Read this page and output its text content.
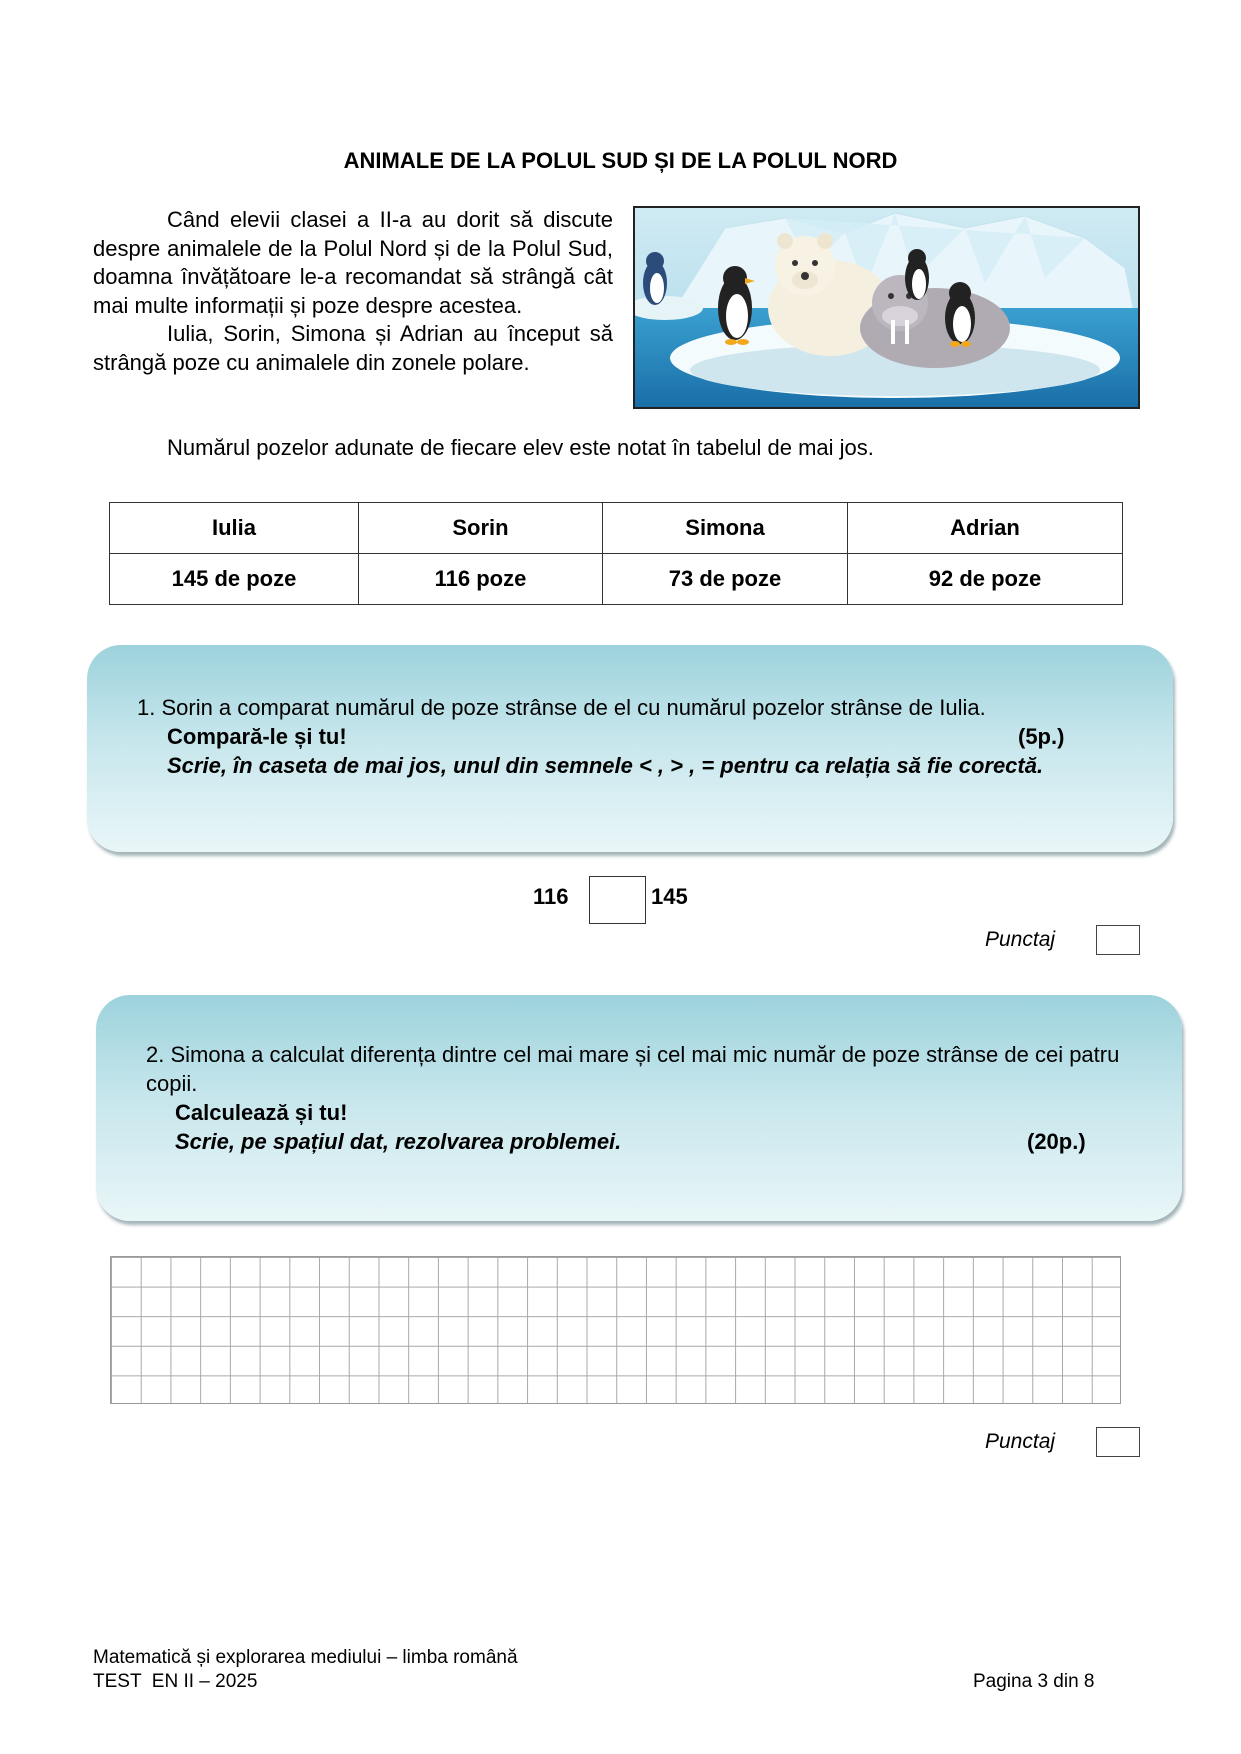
ANIMALE DE LA POLUL SUD ȘI DE LA POLUL NORD

Când elevii clasei a II-a au dorit să discute despre animalele de la Polul Nord și de la Polul Sud, doamna învățătoare le-a recomandat să strângă cât mai multe informații și poze despre acestea.

Iulia, Sorin, Simona și Adrian au început să strângă poze cu animalele din zonele polare.

Numărul pozelor adunate de fiecare elev este notat în tabelul de mai jos.
Iulia	Sorin	Simona	Adrian
145 de poze	116 poze	73 de poze	92 de poze
1. Sorin a comparat numărul de poze strânse de el cu numărul pozelor strânse de Iulia.
Compară-le și tu!	(5p.)
Scrie, în caseta de mai jos, unul din semnele < , > , = pentru ca relația să fie corectă.
116	145
Punctaj
2. Simona a calculat diferența dintre cel mai mare și cel mai mic număr de poze strânse de cei patru copii.
Calculează și tu!
Scrie, pe spațiul dat, rezolvarea problemei.	(20p.)
Punctaj
Matematică și explorarea mediului – limba română
TEST  EN II – 2025	Pagina 3 din 8
